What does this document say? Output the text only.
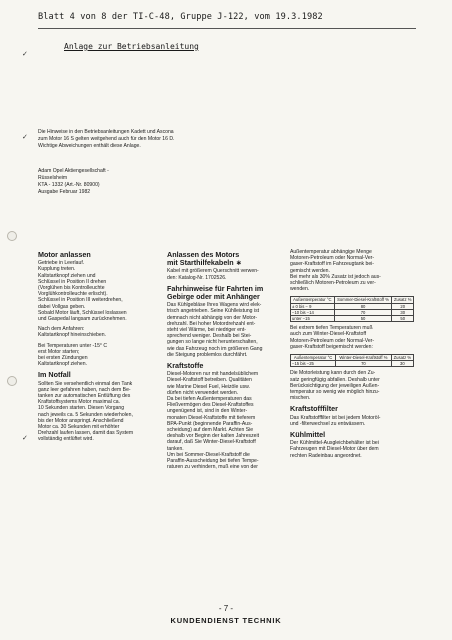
Blatt 4 von 8 der TI-C-48, Gruppe J-122, vom 19.3.1982
Anlage zur Betriebsanleitung
✓
✓
✓
Die Hinweise in den Betriebsanleitungen Kadett und Ascona
zum Motor 16 S gelten weitgehend auch für den Motor 16 D.
Wichtige Abweichungen enthält diese Anlage.
Adam Opel Aktiengesellschaft -
Rüsselsheim
KTA - 1332 (Art.-Nr. 80900)
Ausgabe Februar 1982
Motor anlassen
Getriebe in Leerlauf.
Kupplung treten.
Kaltstartknopf ziehen und
Schlüssel in Position II drehen
(Vorglühen bis Kontrolleuchte
Vorglühkontrolleuchte erlischt).
Schlüssel in Position III weiterdrehen,
dabei Vollgas geben.
Sobald Motor läuft, Schlüssel loslassen
und Gaspedal langsam zurücknehmen.
Nach dem Anfahren:
Kaltstartknopf hineinschieben.
Bei Temperaturen unter -15° C
erst Motor starten;
bei ersten Zündungen
Kaltstartknopf ziehen.
Im Notfall
Sollten Sie versehentlich einmal den Tank
ganz leer gefahren haben, nach dem Be-
tanken zur automatischen Entlüftung des
Kraftstoffsystems Motor maximal ca.
10 Sekunden starten. Diesen Vorgang
nach jeweils ca. 5 Sekunden wiederholen,
bis der Motor anspringt. Anschließend
Motor ca. 30 Sekunden mit erhöhter
Drehzahl laufen lassen, damit das System
vollständig entlüftet wird.
Anlassen des Motors
mit Starthilfekabeln ∗
Kabel mit größerem Querschnitt verwen-
den: Katalog-Nr. 1702526.
Fahrhinweise für Fahrten im
Gebirge oder mit Anhänger
Das Kühlgebläse Ihres Wagens wird elek-
trisch angetrieben. Seine Kühlleistung ist
demnach nicht abhängig von der Motor-
drehzahl. Bei hoher Motordrehzahl ent-
steht viel Wärme, bei niedriger ent-
sprechend weniger. Deshalb bei Stei-
gungen so lange nicht herunterschalten,
wie das Fahrzeug noch im größeren Gang
die Steigung problemlos durchfährt.
Kraftstoffe
Diesel-Motoren nur mit handelsüblichem
Diesel-Kraftstoff betreiben. Qualitäten
wie Marine Diesel Fuel, Heizöle usw.
dürfen nicht verwendet werden.
Da bei tiefen Außentemperaturen das
Fließvermögen des Diesel-Kraftstoffes
ungenügend ist, sind in den Winter-
monaten Diesel-Kraftstoffe mit tieferem
BPA-Punkt (beginnende Paraffin-Aus-
scheidung) auf dem Markt. Achten Sie
deshalb vor Beginn der kalten Jahreszeit
darauf, daß Sie Winter-Diesel-Kraftstoff
tanken.
Um bei Sommer-Diesel-Kraftstoff die
Paraffin-Ausscheidung bei tiefen Tempe-
raturen zu verhindern, muß eine von der
Außentemperatur abhängige Menge
Motoren-Petroleum oder Normal-Ver-
gaser-Kraftstoff im Fahrzeugtank bei-
gemischt werden.
Bei mehr als 30% Zusatz ist jedoch aus-
schließlich Motoren-Petroleum zu ver-
wenden.
Außentemperatur °C	Sommer-Diesel-Kraftstoff %	Zusatz %
± 0 bis − 9	80	20
−10 bis −14	70	30
unter −15	50	50
Bei extrem tiefen Temperaturen muß
auch zum Winter-Diesel-Kraftstoff
Motoren-Petroleum oder Normal-Ver-
gaser-Kraftstoff beigemischt werden:
Außentemperatur °C	Winter-Diesel-Kraftstoff %	Zusatz %
−15 bis −25	70	30
Die Motorleistung kann durch den Zu-
satz geringfügig abfallen. Deshalb unter
Berücksichtigung der jeweiligen Außen-
temperatur so wenig wie möglich hinzu-
mischen.
Kraftstofffilter
Das Kraftstofffilter ist bei jedem Motoröl-
und -filterwechsel zu entwässern.
Kühlmittel
Der Kühlmittel-Ausgleichbehälter ist bei
Fahrzeugen mit Diesel-Motor über dem
rechten Radeinbau angeordnet.
- 7 -
KUNDENDIENST TECHNIK
